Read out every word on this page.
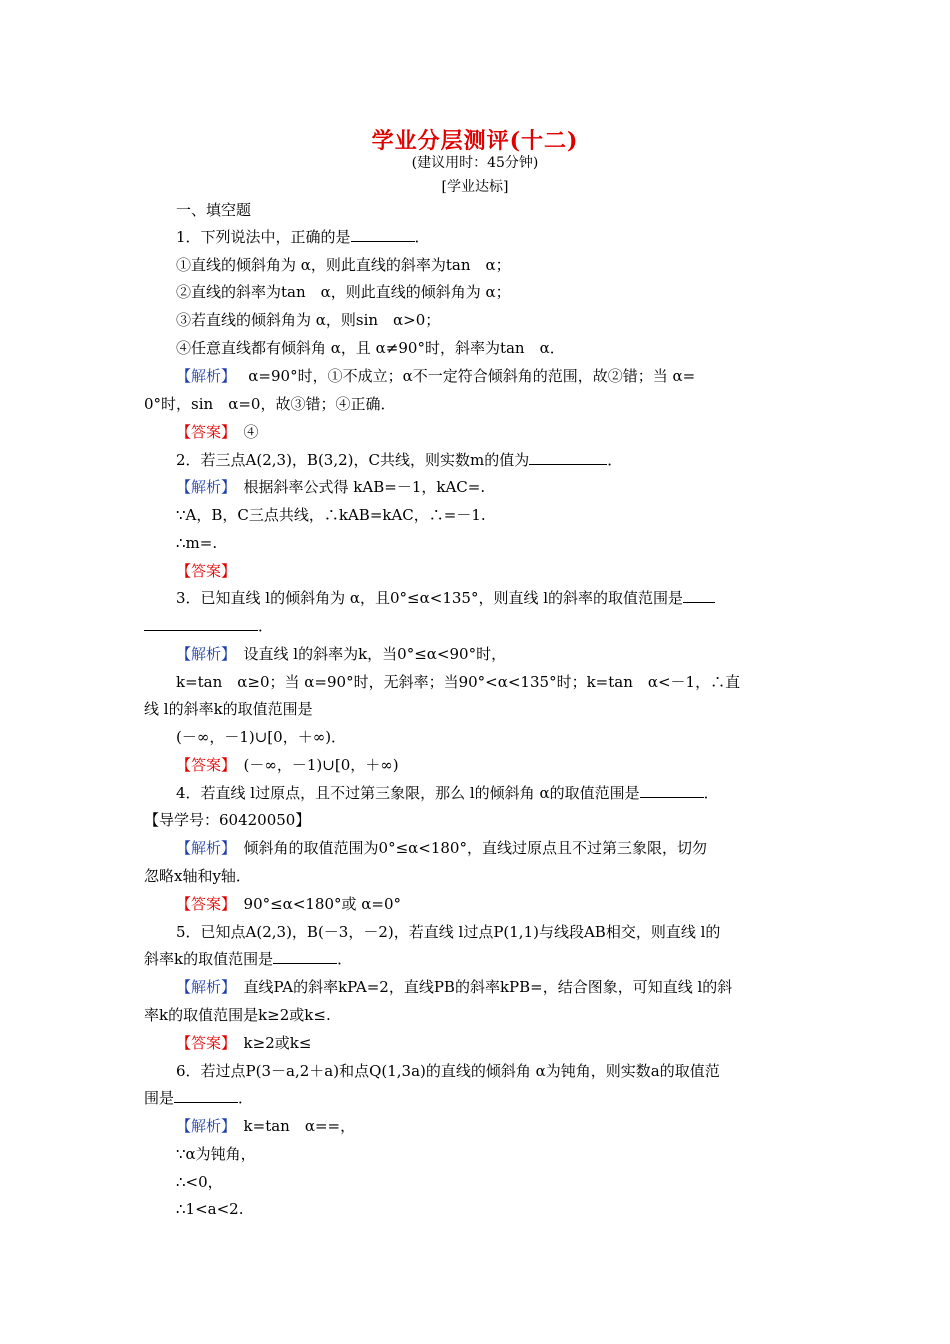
学业分层测评(十二)
(建议用时：45分钟)
[学业达标]
一、填空题
1．下列说法中，正确的是	．
①直线的倾斜角为 α，则此直线的斜率为tan　α；
②直线的斜率为tan　α，则此直线的倾斜角为 α；
③若直线的倾斜角为 α，则sin　α>0；
④任意直线都有倾斜角 α，且 α≠90°时，斜率为tan　α．
【解析】　 α=90°时，①不成立；α不一定符合倾斜角的范围，故②错；当 α=
0°时，sin　α=0，故③错；④正确．
【答案】　 ④
2．若三点A(2,3)，B(3,2)，C共线，则实数m的值为	．
【解析】　 根据斜率公式得 kAB=－1，kAC=.
∵A，B，C三点共线，∴kAB=kAC，∴=－1.
∴m=.
【答案】
3．已知直线 l的倾斜角为 α，且0°≤α<135°，则直线 l的斜率的取值范围是
．
【解析】　 设直线 l的斜率为k，当0°≤α<90°时，
k=tan　α≥0；当 α=90°时，无斜率；当90°<α<135°时；k=tan　α<－1，∴直
线 l的斜率k的取值范围是
(－∞，－1)∪[0，＋∞)．
【答案】　 (－∞，－1)∪[0，＋∞)
4．若直线 l过原点，且不过第三象限，那么 l的倾斜角 α的取值范围是	．
【导学号：60420050】
【解析】　 倾斜角的取值范围为0°≤α<180°，直线过原点且不过第三象限，切勿
忽略x轴和y轴．
【答案】　 90°≤α<180°或 α=0°
5．已知点A(2,3)，B(－3，－2)，若直线 l过点P(1,1)与线段AB相交，则直线 l的
斜率k的取值范围是	．
【解析】　 直线PA的斜率kPA=2，直线PB的斜率kPB=，结合图象，可知直线 l的斜
率k的取值范围是k≥2或k≤.
【答案】　 k≥2或k≤
6．若过点P(3－a,2＋a)和点Q(1,3a)的直线的倾斜角 α为钝角，则实数a的取值范
围是	．
【解析】　 k=tan　α==，
∵α为钝角，
∴<0，
∴1<a<2.
